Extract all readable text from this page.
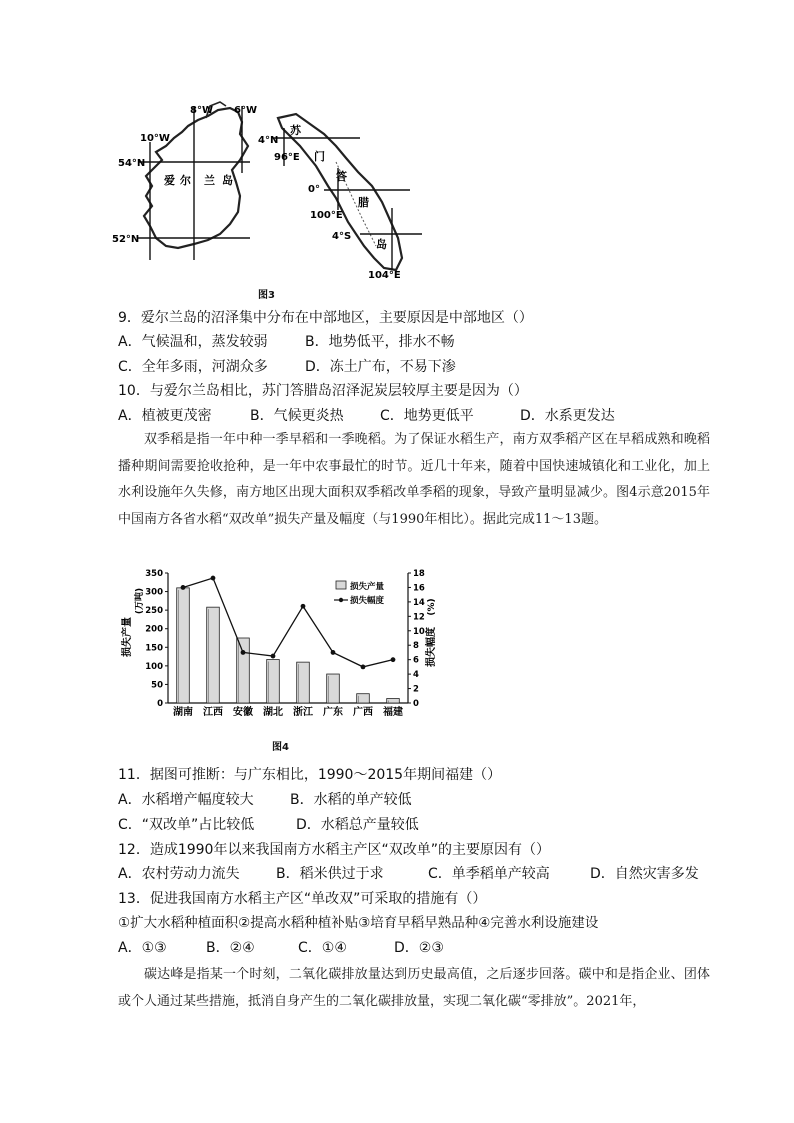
8°W 6°W
10°W
54°N
52°N
爱 尔 兰 岛
4°N
96°E
0°
100°E
4°S
104°E
苏
门
答
腊
岛
图3
9．爱尔兰岛的沼泽集中分布在中部地区，主要原因是中部地区（）
A．气候温和，蒸发较弱	B．地势低平，排水不畅
C．全年多雨，河湖众多	D．冻土广布，不易下渗
10．与爱尔兰岛相比，苏门答腊岛沼泽泥炭层较厚主要是因为（）
A．植被更茂密	B．气候更炎热	C．地势更低平	D．水系更发达
双季稻是指一年中种一季早稻和一季晚稻。为了保证水稻生产，南方双季稻产区在早稻成熟和晚稻播种期间需要抢收抢种，是一年中农事最忙的时节。近几十年来，随着中国快速城镇化和工业化，加上水利设施年久失修，南方地区出现大面积双季稻改单季稻的现象，导致产量明显减少。图4示意2015年中国南方各省水稻“双改单”损失产量及幅度（与1990年相比）。据此完成11～13题。
0
50
100
150
200
250
300
350
0
2
4
6
8
10
12
14
16
18
湖南 江西 安徽 湖北 浙江 广东 广西 福建
损失产量
(万吨)
损失幅度
(%)
损失产量
损失幅度
图4
11．据图可推断：与广东相比，1990～2015年期间福建（）
A．水稻增产幅度较大	B．水稻的单产较低
C．“双改单”占比较低	D．水稻总产量较低
12．造成1990年以来我国南方水稻主产区“双改单”的主要原因有（）
A．农村劳动力流失	B．稻米供过于求	C．单季稻单产较高	D．自然灾害多发
13．促进我国南方水稻主产区“单改双”可采取的措施有（）
①扩大水稻种植面积②提高水稻种植补贴③培育早稻早熟品种④完善水利设施建设
A．①③	B．②④	C．①④	D．②③
碳达峰是指某一个时刻，二氧化碳排放量达到历史最高值，之后逐步回落。碳中和是指企业、团体或个人通过某些措施，抵消自身产生的二氧化碳排放量，实现二氧化碳“零排放”。2021年，
